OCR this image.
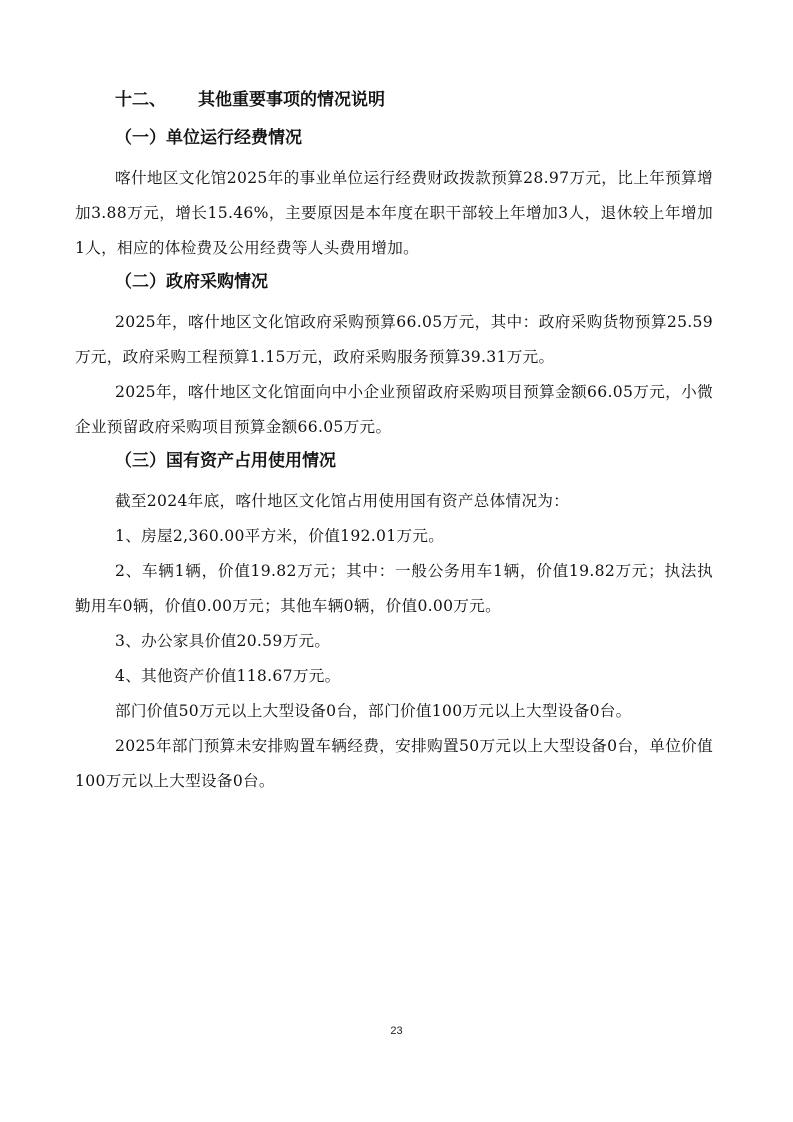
十二、 其他重要事项的情况说明
（一）单位运行经费情况

喀什地区文化馆2025年的事业单位运行经费财政拨款预算28.97万元，比上年预算增加3.88万元，增长15.46%，主要原因是本年度在职干部较上年增加3人，退休较上年增加1人，相应的体检费及公用经费等人头费用增加。

（二）政府采购情况

2025年，喀什地区文化馆政府采购预算66.05万元，其中：政府采购货物预算25.59万元，政府采购工程预算1.15万元，政府采购服务预算39.31万元。

2025年，喀什地区文化馆面向中小企业预留政府采购项目预算金额66.05万元，小微企业预留政府采购项目预算金额66.05万元。

（三）国有资产占用使用情况

截至2024年底，喀什地区文化馆占用使用国有资产总体情况为：

1、房屋2,360.00平方米，价值192.01万元。

2、车辆1辆，价值19.82万元；其中：一般公务用车1辆，价值19.82万元；执法执勤用车0辆，价值0.00万元；其他车辆0辆，价值0.00万元。

3、办公家具价值20.59万元。

4、其他资产价值118.67万元。

部门价值50万元以上大型设备0台，部门价值100万元以上大型设备0台。

2025年部门预算未安排购置车辆经费，安排购置50万元以上大型设备0台，单位价值100万元以上大型设备0台。

23
